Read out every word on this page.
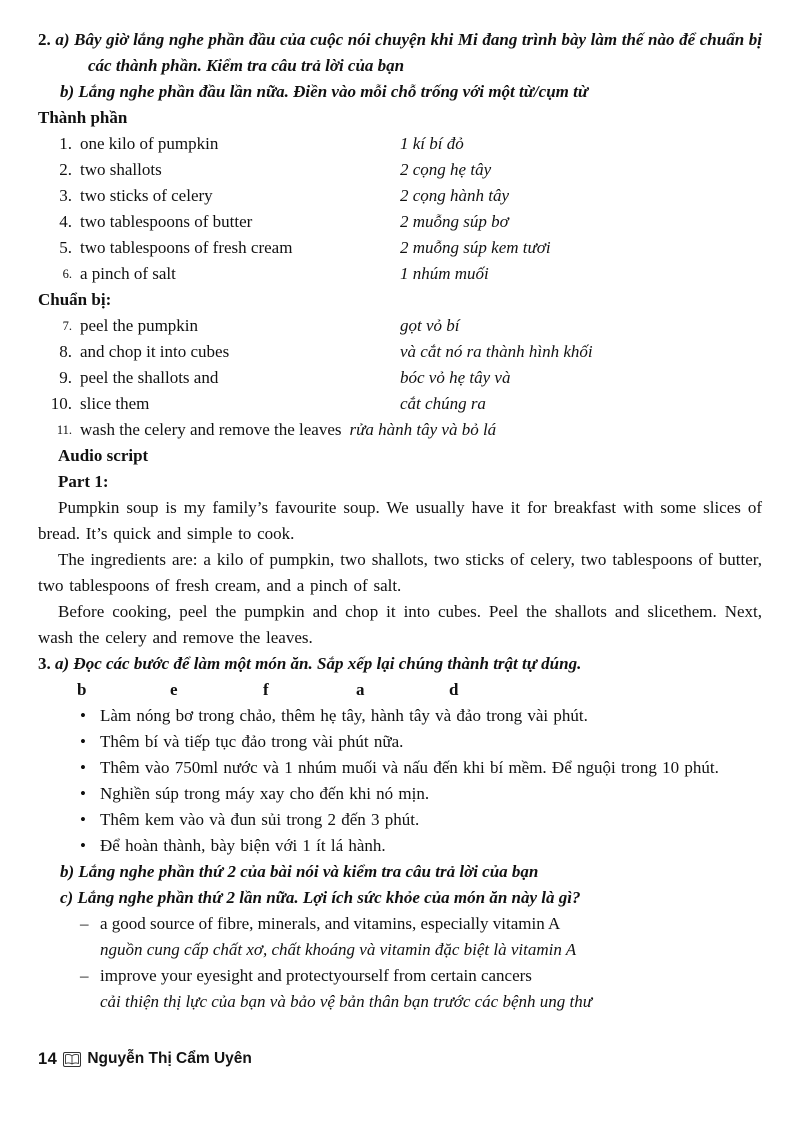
2. a) Bây giờ lắng nghe phần đầu của cuộc nói chuyện khi Mi đang trình bày làm thế nào để chuẩn bị các thành phần. Kiểm tra câu trả lời của bạn
b) Lắng nghe phần đầu lần nữa. Điền vào mỗi chỗ trống với một từ/cụm từ
Thành phần
1. one kilo of pumpkin	1 kí bí đỏ
2. two shallots	2 cọng hẹ tây
3. two sticks of celery	2 cọng hành tây
4. two tablespoons of butter	2 muỗng súp bơ
5. two tablespoons of fresh cream	2 muỗng súp kem tươi
6. a pinch of salt	1 nhúm muối
Chuẩn bị:
7. peel the pumpkin	gọt vỏ bí
8. and chop it into cubes	và cắt nó ra thành hình khối
9. peel the shallots and	bóc vỏ hẹ tây và
10. slice them	cắt chúng ra
11. wash the celery and remove the leaves rửa hành tây và bỏ lá
Audio script
Part 1:

Pumpkin soup is my family’s favourite soup. We usually have it for breakfast with some slices of bread. It’s quick and simple to cook.

The ingredients are: a kilo of pumpkin, two shallots, two sticks of celery, two tablespoons of butter, two tablespoons of fresh cream, and a pinch of salt.

Before cooking, peel the pumpkin and chop it into cubes. Peel the shallots and slicethem. Next, wash the celery and remove the leaves.

3. a) Đọc các bước để làm một món ăn. Sắp xếp lại chúng thành trật tự dúng.
b	e	f	a	d
• Làm nóng bơ trong chảo, thêm hẹ tây, hành tây và đảo trong vài phút.
• Thêm bí và tiếp tục đảo trong vài phút nữa.
• Thêm vào 750ml nước và 1 nhúm muối và nấu đến khi bí mềm. Để nguội trong 10 phút.
• Nghiền súp trong máy xay cho đến khi nó mịn.
• Thêm kem vào và đun sủi trong 2 đến 3 phút.
• Để hoàn thành, bày biện với 1 ít lá hành.
b) Lắng nghe phần thứ 2 của bài nói và kiểm tra câu trả lời của bạn
c) Lắng nghe phần thứ 2 lần nữa. Lợi ích sức khỏe của món ăn này là gì?
– a good source of fibre, minerals, and vitamins, especially vitamin A
nguồn cung cấp chất xơ, chất khoáng và vitamin đặc biệt là vitamin A
– improve your eyesight and protectyourself from certain cancers
cải thiện thị lực của bạn và bảo vệ bản thân bạn trước các bệnh ung thư
14 Nguyễn Thị Cẩm Uyên
